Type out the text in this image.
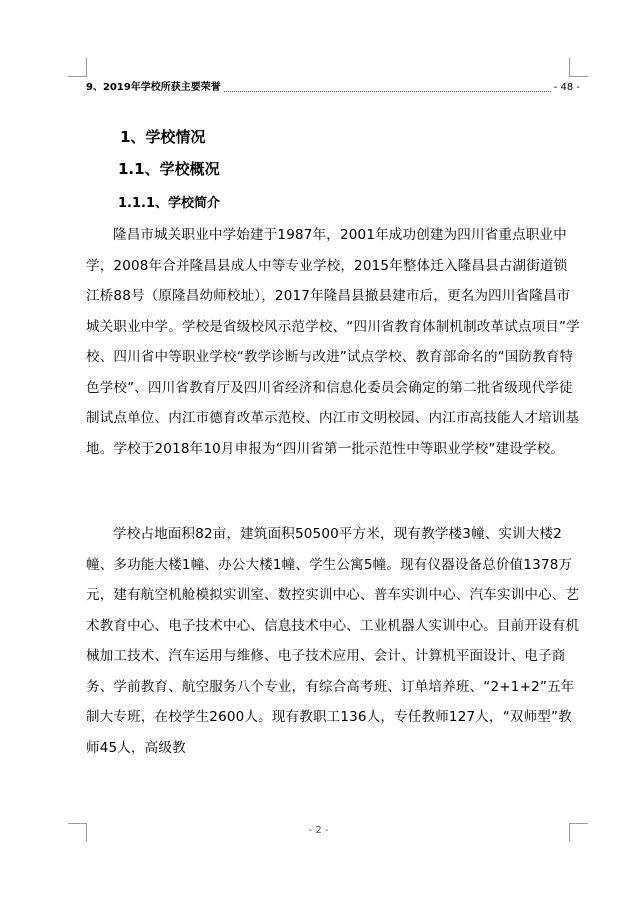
9、2019年学校所获主要荣誉	- 48 -
1、学校情况
1.1、学校概况
1.1.1、学校简介

隆昌市城关职业中学始建于1987年，2001年成功创建为四川省重点职业中学，2008年合并隆昌县成人中等专业学校，2015年整体迁入隆昌县古湖街道锁江桥88号（原隆昌幼师校址），2017年隆昌县撤县建市后，更名为四川省隆昌市城关职业中学。学校是省级校风示范学校、“四川省教育体制机制改革试点项目”学校、四川省中等职业学校“教学诊断与改进”试点学校、教育部命名的“国防教育特色学校”、四川省教育厅及四川省经济和信息化委员会确定的第二批省级现代学徒制试点单位、内江市德育改革示范校、内江市文明校园、内江市高技能人才培训基地。学校于2018年10月申报为“四川省第一批示范性中等职业学校”建设学校。

学校占地面积82亩，建筑面积50500平方米，现有教学楼3幢、实训大楼2幢、多功能大楼1幢、办公大楼1幢、学生公寓5幢。现有仪器设备总价值1378万元，建有航空机舱模拟实训室、数控实训中心、普车实训中心、汽车实训中心、艺术教育中心、电子技术中心、信息技术中心、工业机器人实训中心。目前开设有机械加工技术、汽车运用与维修、电子技术应用、会计、计算机平面设计、电子商务、学前教育、航空服务八个专业，有综合高考班、订单培养班、“2+1+2”五年制大专班，在校学生2600人。现有教职工136人，专任教师127人，“双师型”教师45人，高级教

- 2 -
